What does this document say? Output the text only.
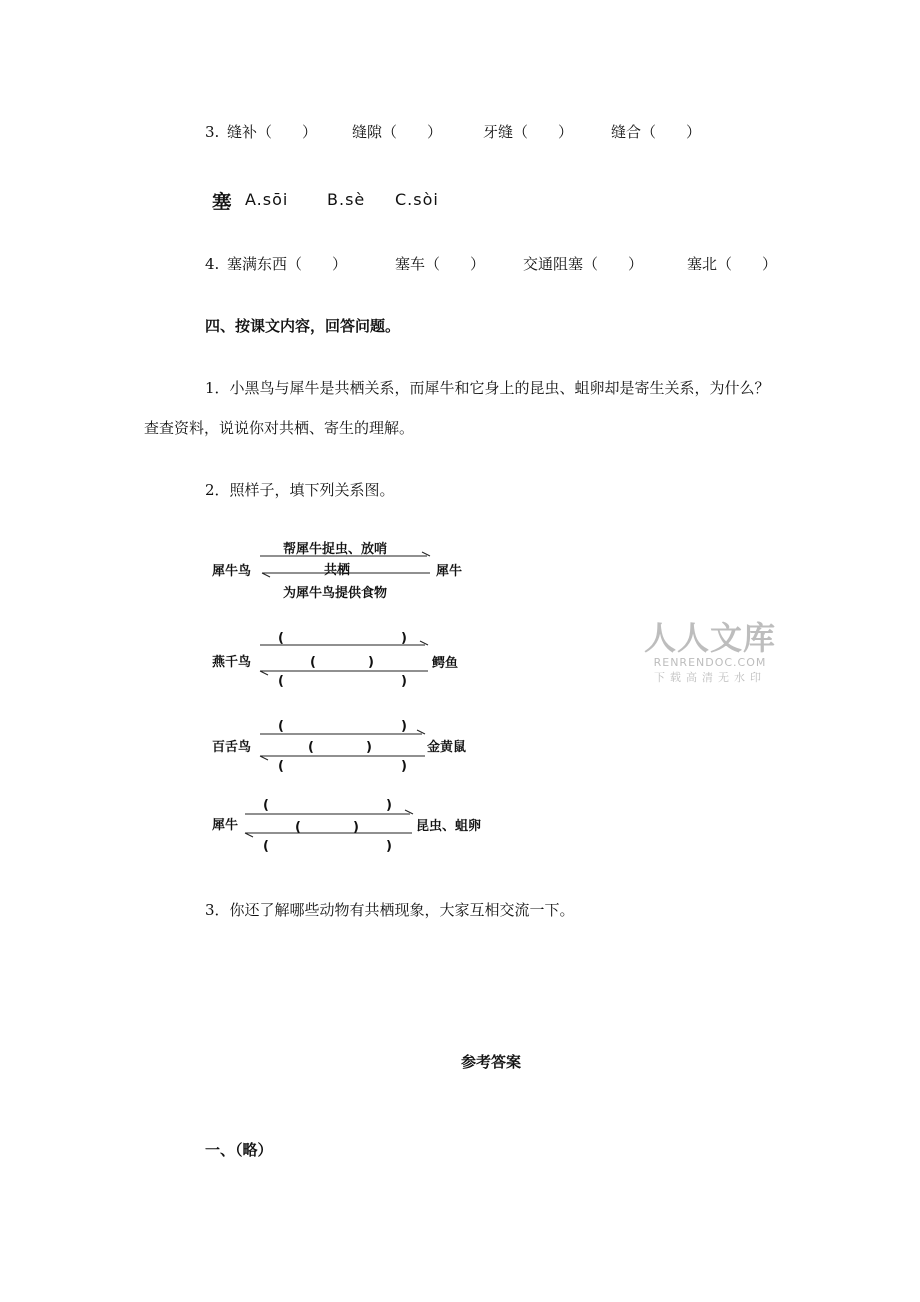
3. 缝补（　　） 缝隙（　　）	牙缝（　　）	缝合（　　）
塞
： A.sōi B.sè C.sòi
4. 塞满东西（　　）	塞车（　　）	交通阻塞（　　）	塞北（　　）
四、按课文内容，回答问题。
1．小黑鸟与犀牛是共栖关系，而犀牛和它身上的昆虫、蛆卵却是寄生关系，为什么？
查查资料，说说你对共栖、寄生的理解。
2．照样子，填下列关系图。
犀牛鸟	犀牛
帮犀牛捉虫、放哨
共栖
为犀牛鸟提供食物
燕千鸟	鳄鱼
(　　　　　　　　　)
(　　　　)
(　　　　　　　　　)
百舌鸟	金黄鼠
(　　　　　　　　　)
(　　　　)
(　　　　　　　　　)
犀牛	昆虫、蛆卵
(　　　　　　　　　)
(　　　　)
(　　　　　　　　　)
人人文库
RENRENDOC.COM
下载高清无水印
3．你还了解哪些动物有共栖现象，大家互相交流一下。
参考答案
一、（略）
